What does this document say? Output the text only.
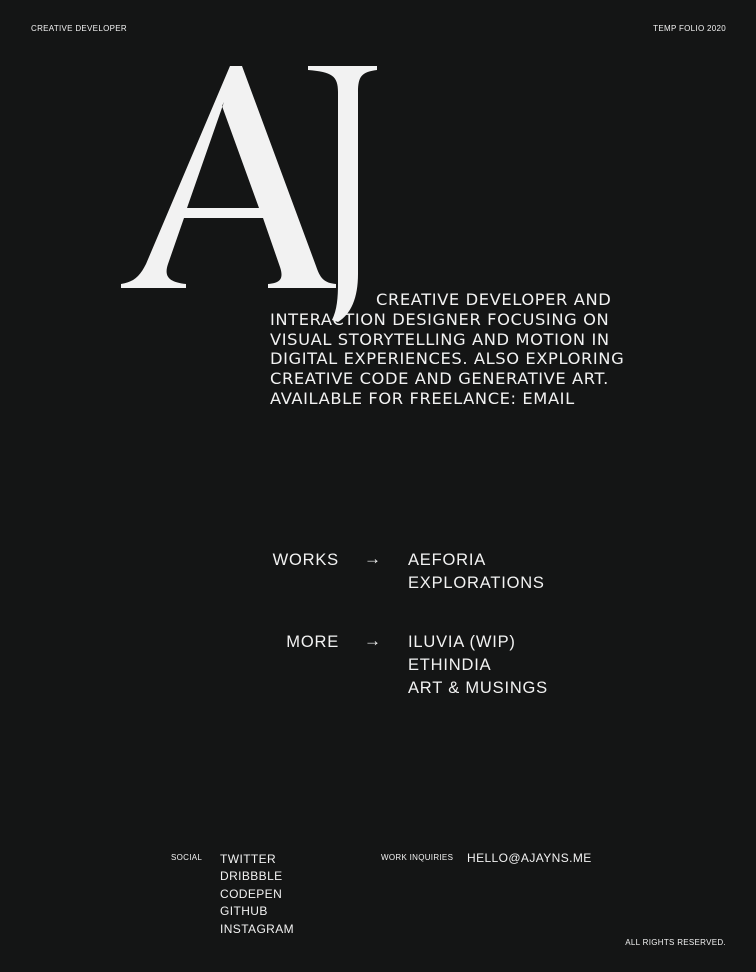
CREATIVE DEVELOPER	TEMP FOLIO 2020
CREATIVE DEVELOPER AND INTERACTION DESIGNER FOCUSING ON VISUAL STORYTELLING AND MOTION IN DIGITAL EXPERIENCES. ALSO EXPLORING CREATIVE CODE AND GENERATIVE ART. AVAILABLE FOR FREELANCE: EMAIL
WORKS → AEFORIA
EXPLORATIONS
MORE → ILUVIA (WIP)
ETHINDIA
ART & MUSINGS
SOCIAL TWITTER
DRIBBBLE
CODEPEN
GITHUB
INSTAGRAM
WORK INQUIRIES HELLO@AJAYNS.ME
ALL RIGHTS RESERVED.
